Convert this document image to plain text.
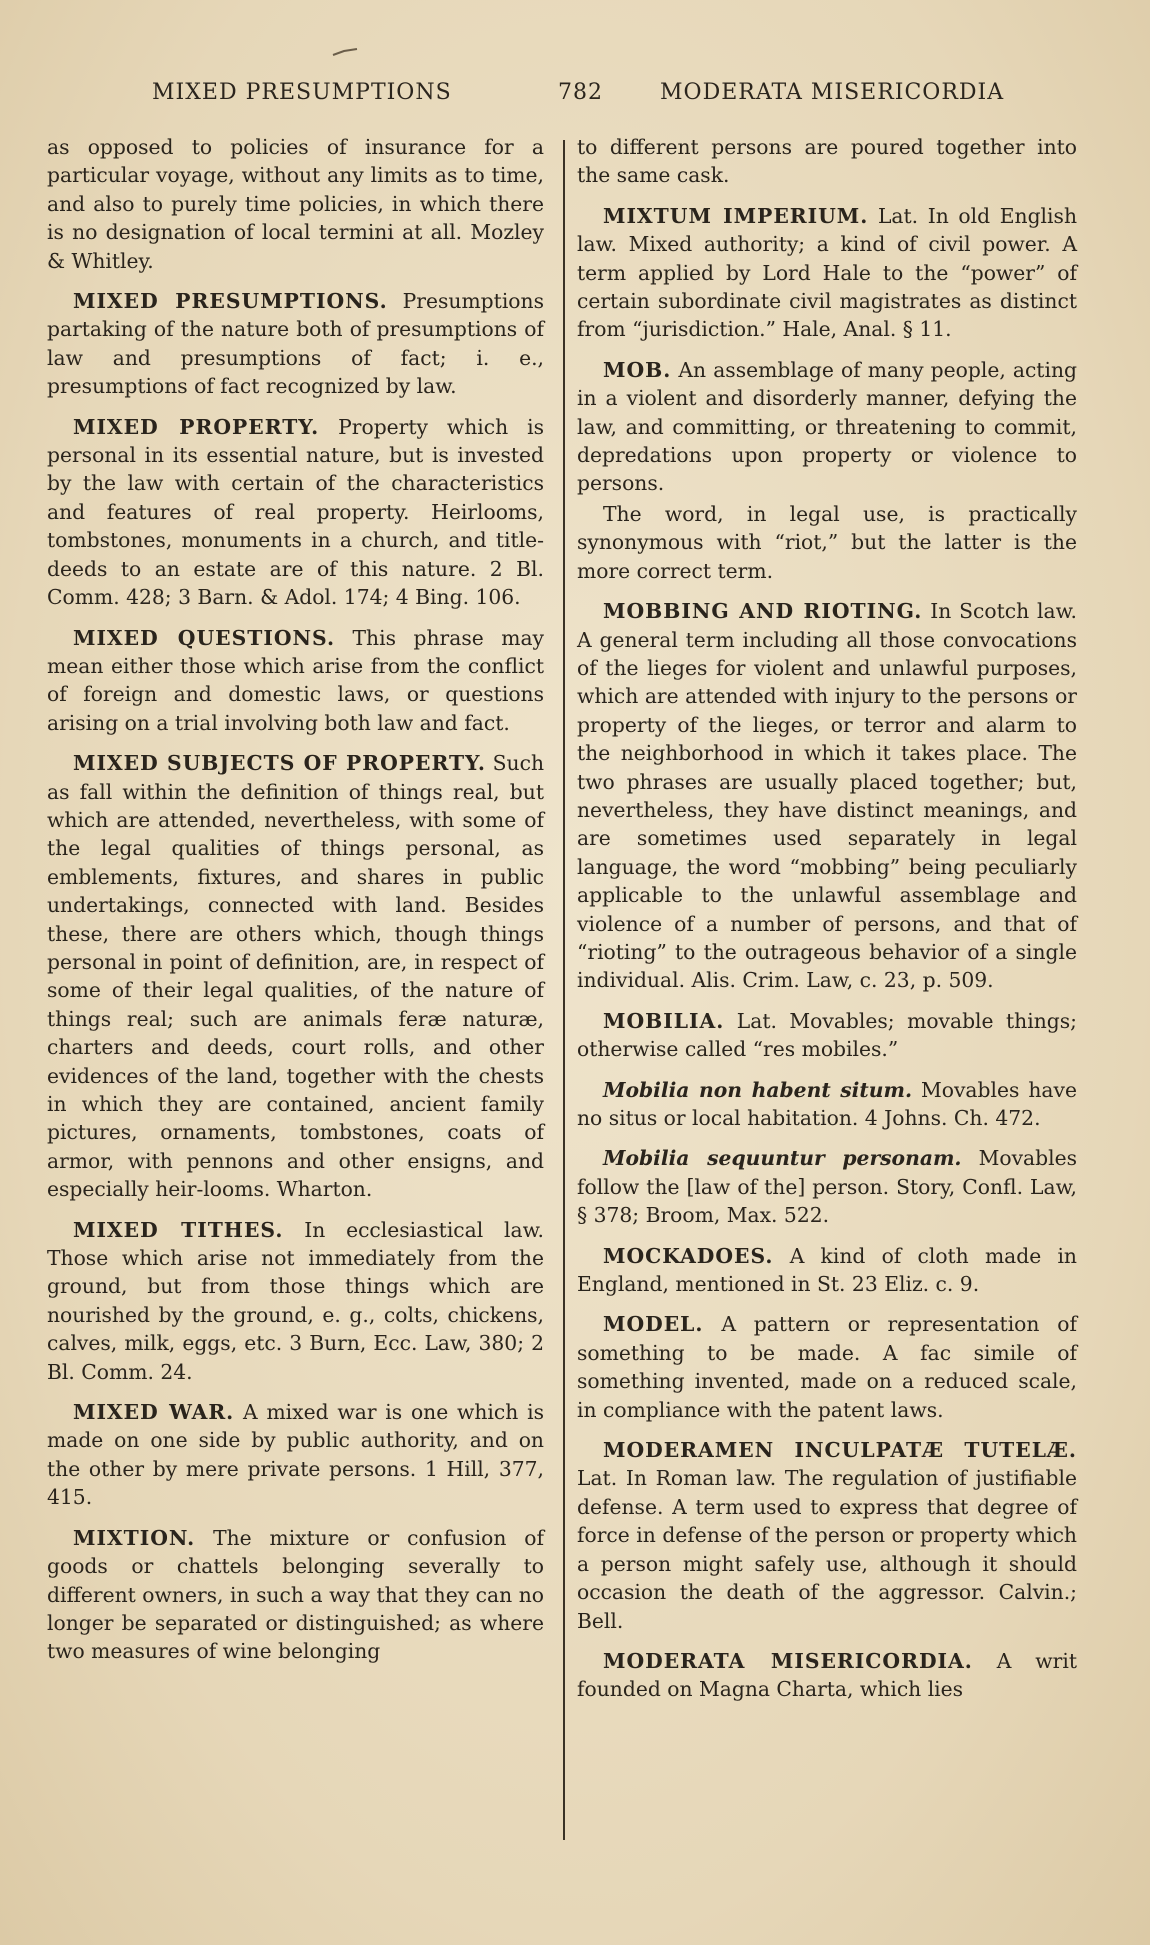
MIXED PRESUMPTIONS	782	MODERATA MISERICORDIA

as opposed to policies of insurance for a particular voyage, without any limits as to time, and also to purely time policies, in which there is no designation of local termini at all. Mozley & Whitley.

MIXED PRESUMPTIONS. Presumptions partaking of the nature both of presumptions of law and presumptions of fact; i. e., presumptions of fact recognized by law.

MIXED PROPERTY. Property which is personal in its essential nature, but is invested by the law with certain of the characteristics and features of real property. Heirlooms, tombstones, monuments in a church, and title-deeds to an estate are of this nature. 2 Bl. Comm. 428; 3 Barn. & Adol. 174; 4 Bing. 106.

MIXED QUESTIONS. This phrase may mean either those which arise from the conflict of foreign and domestic laws, or questions arising on a trial involving both law and fact.

MIXED SUBJECTS OF PROPERTY. Such as fall within the definition of things real, but which are attended, nevertheless, with some of the legal qualities of things personal, as emblements, fixtures, and shares in public undertakings, connected with land. Besides these, there are others which, though things personal in point of definition, are, in respect of some of their legal qualities, of the nature of things real; such are animals feræ naturæ, charters and deeds, court rolls, and other evidences of the land, together with the chests in which they are contained, ancient family pictures, ornaments, tombstones, coats of armor, with pennons and other ensigns, and especially heir-looms. Wharton.

MIXED TITHES. In ecclesiastical law. Those which arise not immediately from the ground, but from those things which are nourished by the ground, e. g., colts, chickens, calves, milk, eggs, etc. 3 Burn, Ecc. Law, 380; 2 Bl. Comm. 24.

MIXED WAR. A mixed war is one which is made on one side by public authority, and on the other by mere private persons. 1 Hill, 377, 415.

MIXTION. The mixture or confusion of goods or chattels belonging severally to different owners, in such a way that they can no longer be separated or distinguished; as where two measures of wine belonging

to different persons are poured together into the same cask.

MIXTUM IMPERIUM. Lat. In old English law. Mixed authority; a kind of civil power. A term applied by Lord Hale to the “power” of certain subordinate civil magistrates as distinct from “jurisdiction.” Hale, Anal. § 11.

MOB. An assemblage of many people, acting in a violent and disorderly manner, defying the law, and committing, or threatening to commit, depredations upon property or violence to persons.

The word, in legal use, is practically synonymous with “riot,” but the latter is the more correct term.

MOBBING AND RIOTING. In Scotch law. A general term including all those convocations of the lieges for violent and unlawful purposes, which are attended with injury to the persons or property of the lieges, or terror and alarm to the neighborhood in which it takes place. The two phrases are usually placed together; but, nevertheless, they have distinct meanings, and are sometimes used separately in legal language, the word “mobbing” being peculiarly applicable to the unlawful assemblage and violence of a number of persons, and that of “rioting” to the outrageous behavior of a single individual. Alis. Crim. Law, c. 23, p. 509.

MOBILIA. Lat. Movables; movable things; otherwise called “res mobiles.”

Mobilia non habent situm. Movables have no situs or local habitation. 4 Johns. Ch. 472.

Mobilia sequuntur personam. Movables follow the [law of the] person. Story, Confl. Law, § 378; Broom, Max. 522.

MOCKADOES. A kind of cloth made in England, mentioned in St. 23 Eliz. c. 9.

MODEL. A pattern or representation of something to be made. A fac simile of something invented, made on a reduced scale, in compliance with the patent laws.

MODERAMEN INCULPATÆ TUTELÆ. Lat. In Roman law. The regulation of justifiable defense. A term used to express that degree of force in defense of the person or property which a person might safely use, although it should occasion the death of the aggressor. Calvin.; Bell.

MODERATA MISERICORDIA. A writ founded on Magna Charta, which lies
